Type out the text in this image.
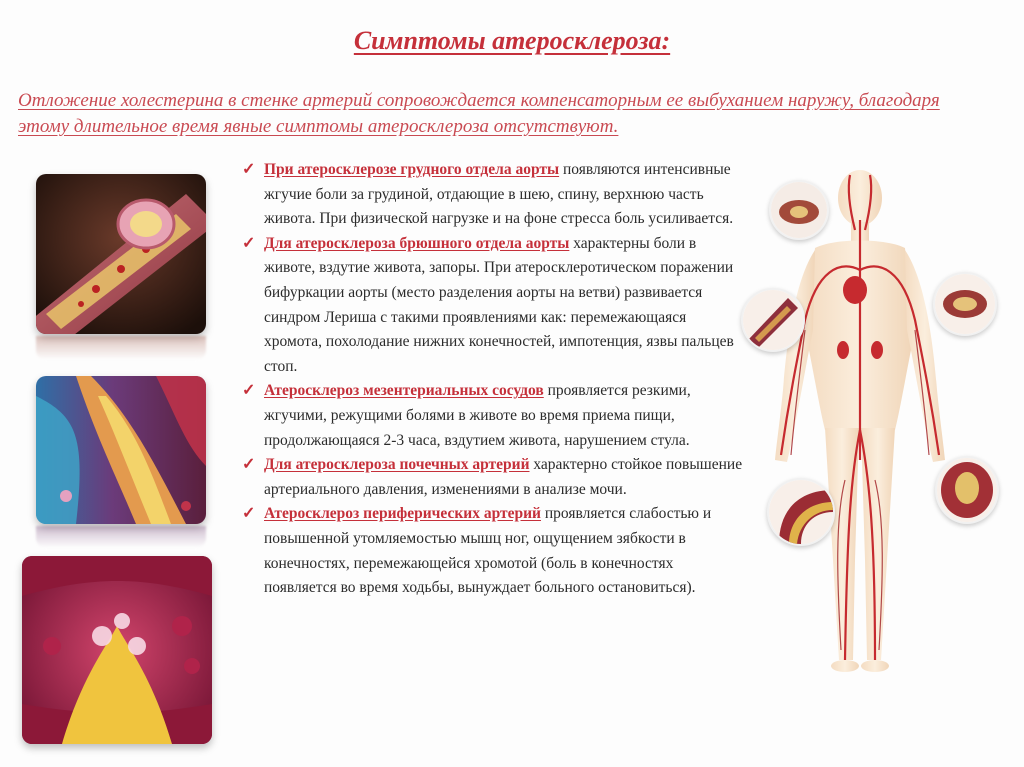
Симптомы атеросклероза:
Отложение холестерина в стенке артерий сопровождается компенсаторным ее выбуханием наружу, благодаря этому длительное время явные симптомы атеросклероза отсутствуют.
✓ При атеросклерозе грудного отдела аорты появляются интенсивные жгучие боли за грудиной, отдающие в шею, спину, верхнюю часть живота. При физической нагрузке и на фоне стресса боль усиливается.
✓ Для атеросклероза брюшного отдела аорты характерны боли в животе, вздутие живота, запоры. При атеросклеротическом поражении бифуркации аорты (место разделения аорты на ветви) развивается синдром Лериша с такими проявлениями как: перемежающаяся хромота, похолодание нижних конечностей, импотенция, язвы пальцев стоп.
✓ Атеросклероз мезентериальных сосудов проявляется резкими, жгучими, режущими болями в животе во время приема пищи, продолжающаяся 2-3 часа, вздутием живота, нарушением стула.
✓ Для атеросклероза почечных артерий характерно стойкое повышение артериального давления, изменениями в анализе мочи.
✓ Атеросклероз периферических артерий проявляется слабостью и повышенной утомляемостью мышц ног, ощущением зябкости в конечностях, перемежающейся хромотой (боль в конечностях появляется во время ходьбы, вынуждает больного остановиться).
